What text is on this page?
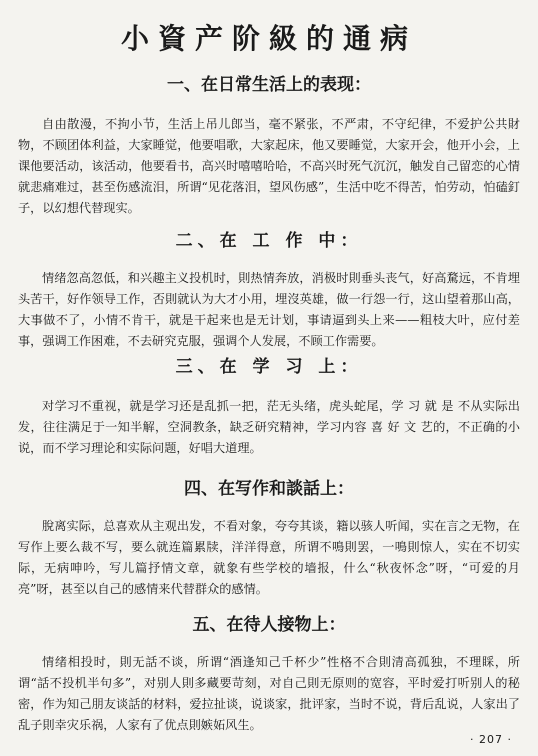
小資产阶級的通病
一、在日常生活上的表现：

自由散漫，不拘小节，生活上吊儿郎当，毫不紧张，不严肃，不守纪律，不爱护公共財物，不顾团体利益，大家睡觉，他要唱歌，大家起床，他又要睡觉，大家开会，他开小会，上课他要活动，该活动，他要看书，高兴时嘻嘻哈哈，不高兴时死气沉沉，触发自己留恋的心情就悲痛难过，甚至伤感流泪，所谓“见花落泪，望风伤感”，生活中吃不得苦，怕劳动，怕磕釘子，以幻想代替现实。

二、在 工 作 中：

情绪忽高忽低，和兴趣主义投机时，則热情奔放，消极时則垂头丧气，好高騖远，不肯埋头苦干，好作领导工作，否則就认为大才小用，埋沒英雄，做一行怨一行，这山望着那山高，大事做不了，小情不肯干，就是干起来也是无计划，事请逼到头上来——粗枝大叶，应付差事，强调工作困难，不去研究克服，强调个人发展，不顾工作需要。

三、在 学 习 上：

对学习不重视，就是学习还是乱抓一把，茫无头绪，虎头蛇尾，学 习 就 是 不从实际出发，往往满足于一知半解，空洞教条，缺乏研究精神，学习内容 喜 好 文 艺的，不正确的小说，而不学习理论和实际问题，好唱大道理。

四、在写作和談話上：

脫离实际，总喜欢从主观出发，不看对象，夸夸其谈，籍以骇人听闻，实在言之无物，在写作上要么裁不写，要么就连篇累牍，洋洋得意，所谓不鳴則罢，一鳴則惊人，实在不切实际，无病呻吟，写儿篇抒情文章，就象有些学校的墙报，什么“秋夜怀念”呀，“可爱的月亮”呀，甚至以自己的感情来代替群众的感情。

五、在待人接物上：

情绪相投时，則无話不谈，所谓“酒逢知己千杯少”性格不合則清高孤独，不理睬，所谓“話不投机半句多”，对别人則多藏要苛刻，对自己則无原则的宽容，平时爱打听别人的秘密，作为知己朋友谈話的材料，爱拉扯谈，说谈家，批评家，当时不说，背后乱说，人家出了乱子則幸灾乐祸，人家有了优点則嫉妬风生。

· 207 ·
